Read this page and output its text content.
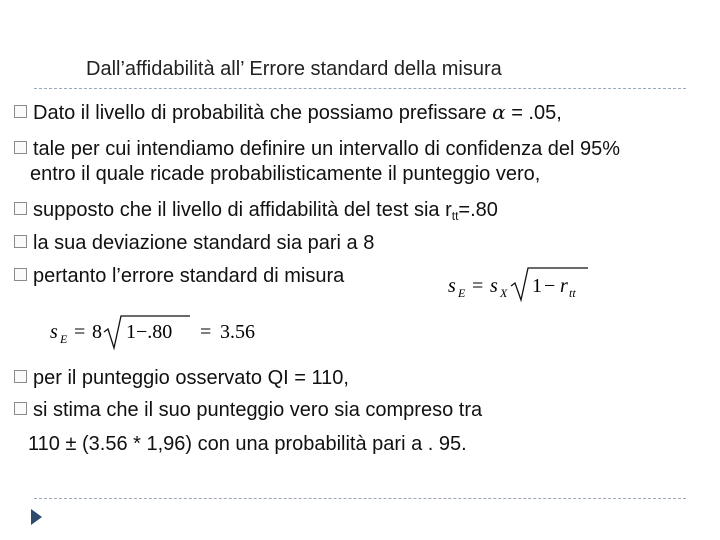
Dall’affidabilità all’ Errore standard della misura
Dato il livello di probabilità che possiamo prefissare α = .05,
tale per cui intendiamo definire un intervallo di confidenza del 95%
entro il quale ricade probabilisticamente il punteggio vero,
supposto che il livello di affidabilità del test sia $r_{tt}=.80$
la sua deviazione standard sia pari a 8
pertanto l’errore standard di misura	s E = s X 1 − r tt
s E = 8 1−.80 = 3.56
per il punteggio osservato QI = 110,
si stima che il suo punteggio vero sia compreso tra
110 ± (3.56 * 1,96) con una probabilità pari a . 95.
